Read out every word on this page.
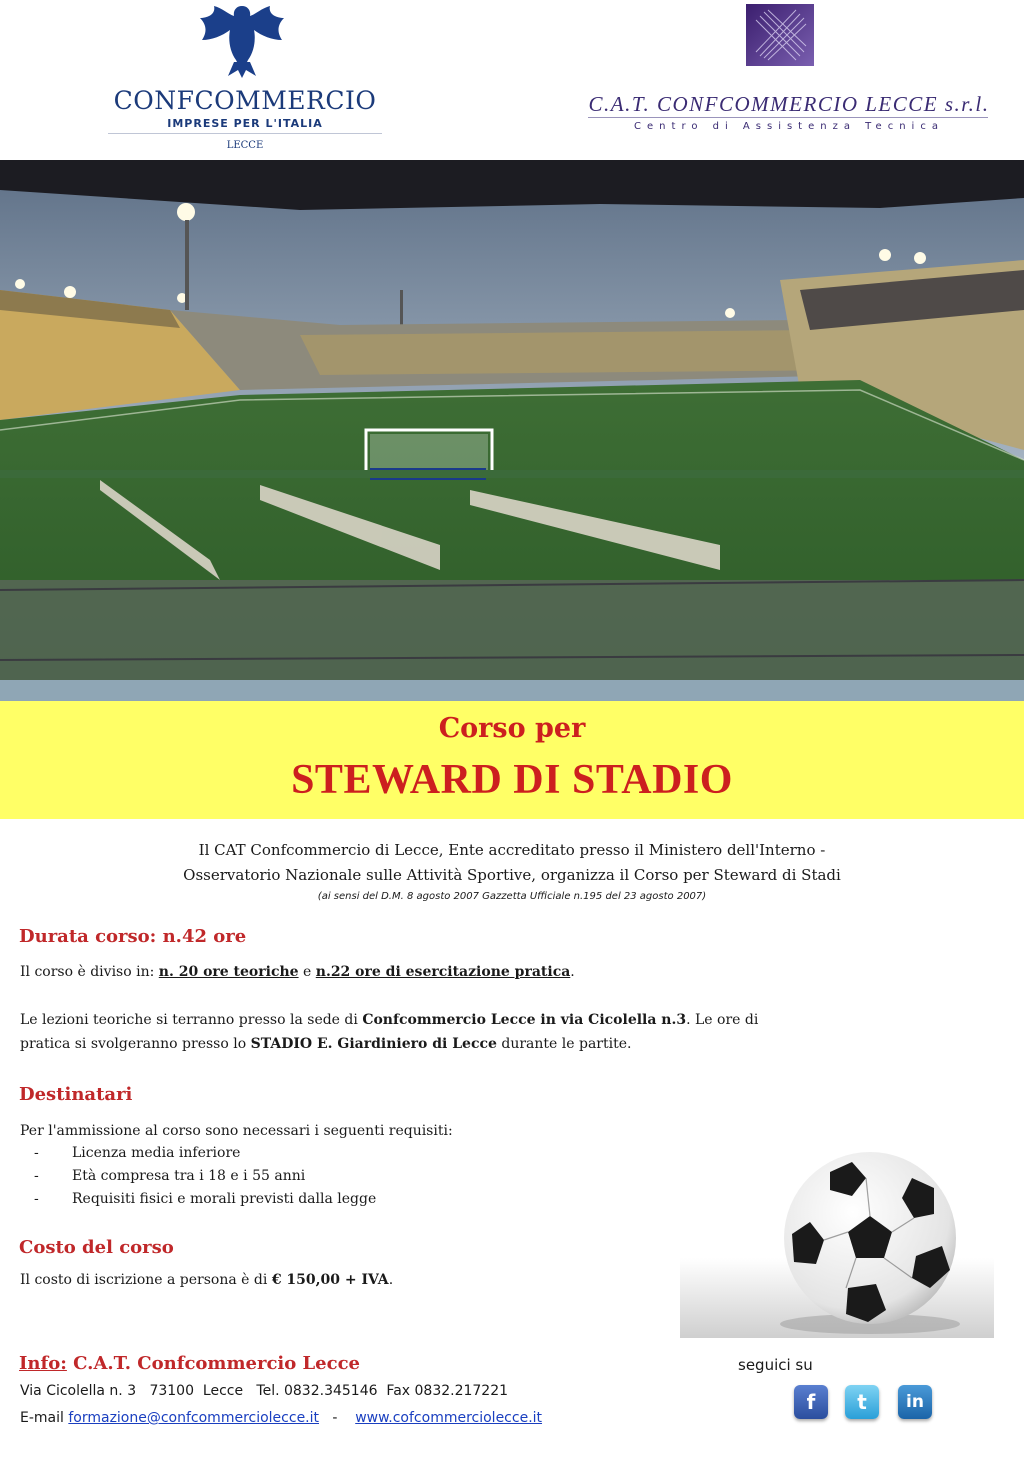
CONFCOMMERCIO
IMPRESE PER L'ITALIA
LECCE
C.A.T. CONFCOMMERCIO LECCE s.r.l.
Centro di Assistenza Tecnica
Corso per
STEWARD DI STADIO
Il CAT Confcommercio di Lecce, Ente accreditato presso il Ministero dell'Interno -
Osservatorio Nazionale sulle Attività Sportive, organizza il Corso per Steward di Stadi
(ai sensi del D.M. 8 agosto 2007 Gazzetta Ufficiale n.195 del 23 agosto 2007)
Durata corso: n.42 ore
Il corso è diviso in: n. 20 ore teoriche e n.22 ore di esercitazione pratica.
Le lezioni teoriche si terranno presso la sede di Confcommercio Lecce in via Cicolella n.3. Le ore di
pratica si svolgeranno presso lo STADIO E. Giardiniero di Lecce durante le partite.
Destinatari
Per l'ammissione al corso sono necessari i seguenti requisiti:
- Licenza media inferiore
- Età compresa tra i 18 e i 55 anni
- Requisiti fisici e morali previsti dalla legge
Costo del corso
Il costo di iscrizione a persona è di € 150,00 + IVA.
Info: C.A.T. Confcommercio Lecce
Via Cicolella n. 3   73100  Lecce   Tel. 0832.345146  Fax 0832.217221
E-mail formazione@confcommerciolecce.it   -    www.cofcommerciolecce.it
seguici su
f	t	in
